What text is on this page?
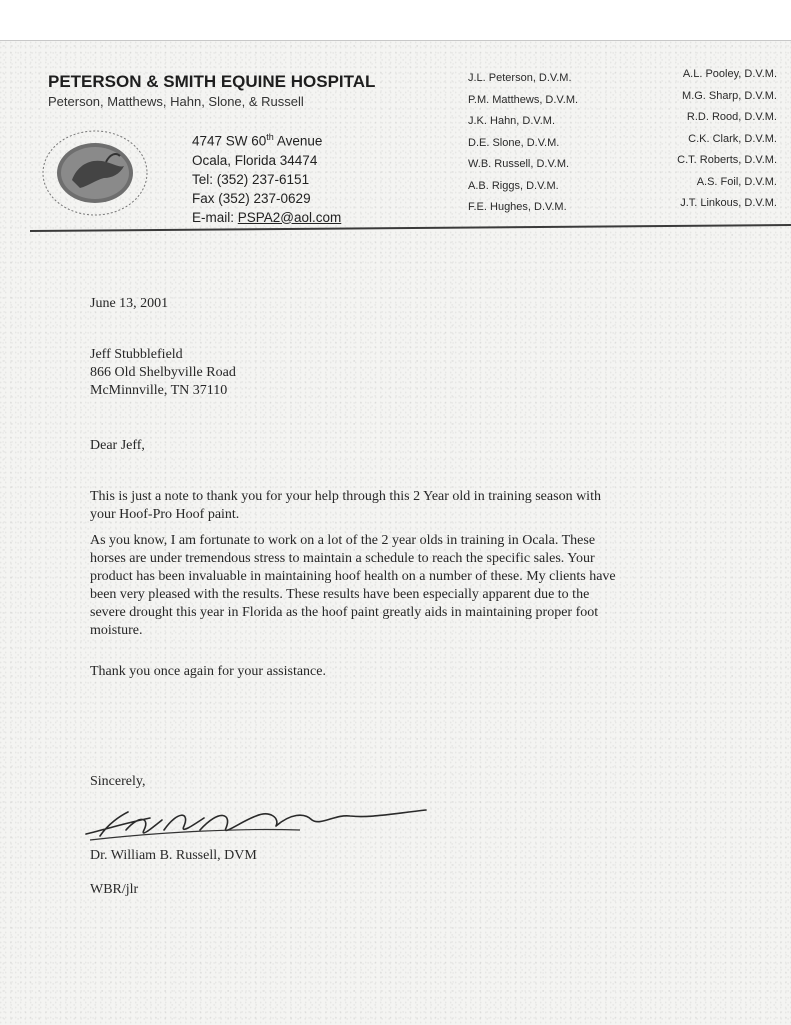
PETERSON & SMITH EQUINE HOSPITAL
Peterson, Matthews, Hahn, Slone, & Russell
4747 SW 60th Avenue
Ocala, Florida 34474
Tel: (352) 237-6151
Fax (352) 237-0629
E-mail: PSPA2@aol.com
J.L. Peterson, D.V.M.
P.M. Matthews, D.V.M.
J.K. Hahn, D.V.M.
D.E. Slone, D.V.M.
W.B. Russell, D.V.M.
A.B. Riggs, D.V.M.
F.E. Hughes, D.V.M.
A.L. Pooley, D.V.M.
M.G. Sharp, D.V.M.
R.D. Rood, D.V.M.
C.K. Clark, D.V.M.
C.T. Roberts, D.V.M.
A.S. Foil, D.V.M.
J.T. Linkous, D.V.M.
June 13, 2001
Jeff Stubblefield
866 Old Shelbyville Road
McMinnville, TN 37110
Dear Jeff,
This is just a note to thank you for your help through this 2 Year old in training season with
your Hoof-Pro Hoof paint.
As you know, I am fortunate to work on a lot of the 2 year olds in training in Ocala. These
horses are under tremendous stress to maintain a schedule to reach the specific sales. Your
product has been invaluable in maintaining hoof health on a number of these. My clients have
been very pleased with the results. These results have been especially apparent due to the
severe drought this year in Florida as the hoof paint greatly aids in maintaining proper foot
moisture.
Thank you once again for your assistance.
Sincerely,
Dr. William B. Russell, DVM
WBR/jlr
